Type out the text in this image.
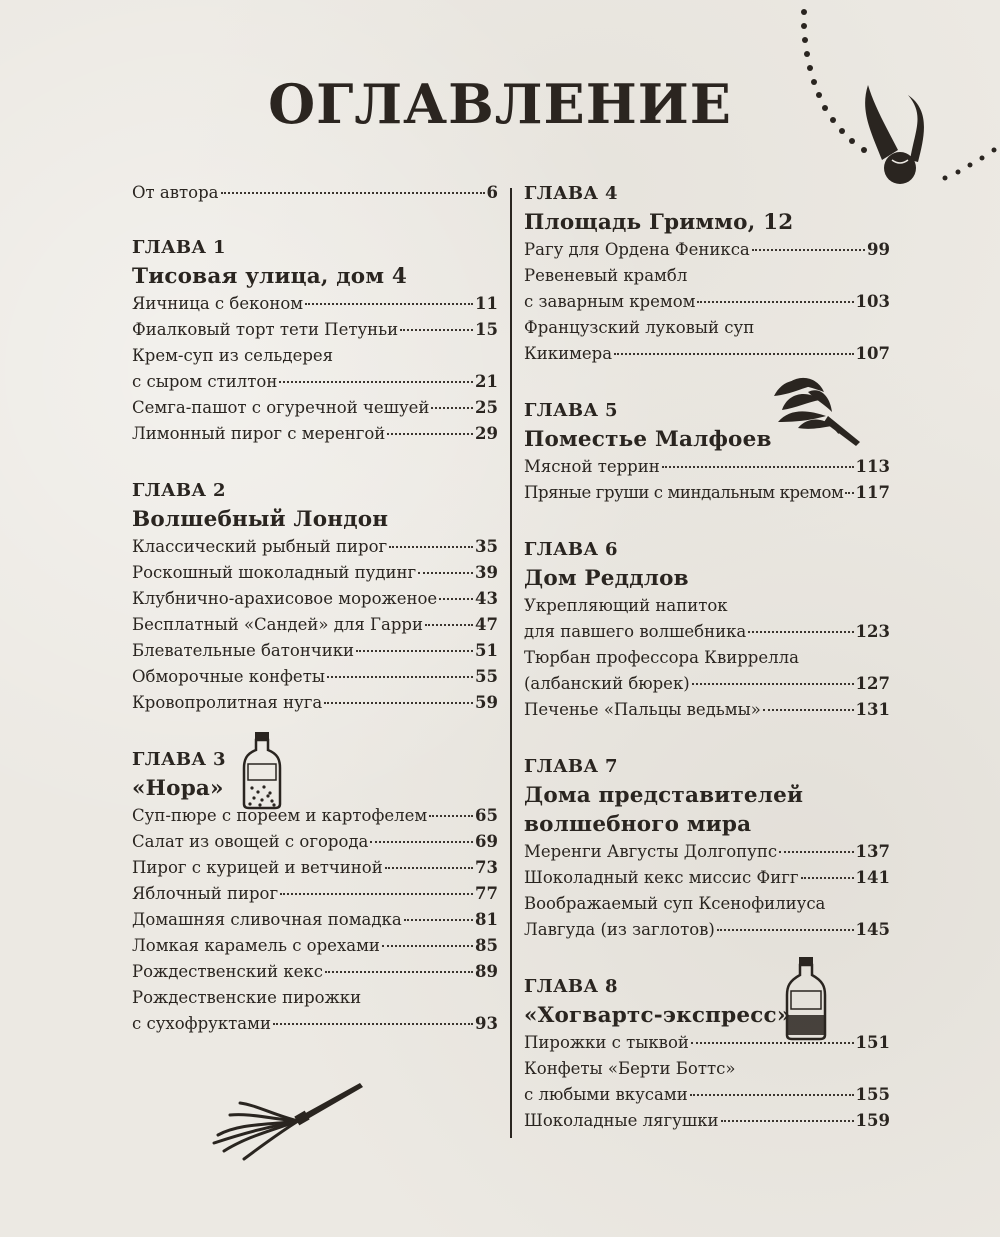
ОГЛАВЛЕНИЕ
От автора	6
ГЛАВА 1
Тисовая улица, дом 4
Яичница с беконом	11
Фиалковый торт тети Петуньи	15
Крем-суп из сельдерея
с сыром стилтон	21
Семга-пашот с огуречной чешуей	25
Лимонный пирог с меренгой	29
ГЛАВА 2
Волшебный Лондон
Классический рыбный пирог	35
Роскошный шоколадный пудинг	39
Клубнично-арахисовое мороженое 43
Бесплатный «Сандей» для Гарри	47
Блевательные батончики	51
Обморочные конфеты	55
Кровопролитная нуга	59
ГЛАВА 3
«Нора»
Суп-пюре с пореем и картофелем	65
Салат из овощей с огорода	69
Пирог с курицей и ветчиной	73
Яблочный пирог	77
Домашняя сливочная помадка	81
Ломкая карамель с орехами	85
Рождественский кекс	89
Рождественские пирожки
с сухофруктами	93
ГЛАВА 4
Площадь Гриммо, 12
Рагу для Ордена Феникса	99
Ревеневый крамбл
с заварным кремом	103
Французский луковый суп
Кикимера	107
ГЛАВА 5
Поместье Малфоев
Мясной террин	113
Пряные груши с миндальным кремом 117
ГЛАВА 6
Дом Реддлов
Укрепляющий напиток
для павшего волшебника	123
Тюрбан профессора Квиррелла
(албанский бюрек)	127
Печенье «Пальцы ведьмы»	131
ГЛАВА 7
Дома представителей
волшебного мира
Меренги Августы Долгопупс	137
Шоколадный кекс миссис Фигг	141
Воображаемый суп Ксенофилиуса
Лавгуда (из заглотов)	145
ГЛАВА 8
«Хогвартс-экспресс»
Пирожки с тыквой	151
Конфеты «Берти Боттс»
с любыми вкусами	155
Шоколадные лягушки	159
